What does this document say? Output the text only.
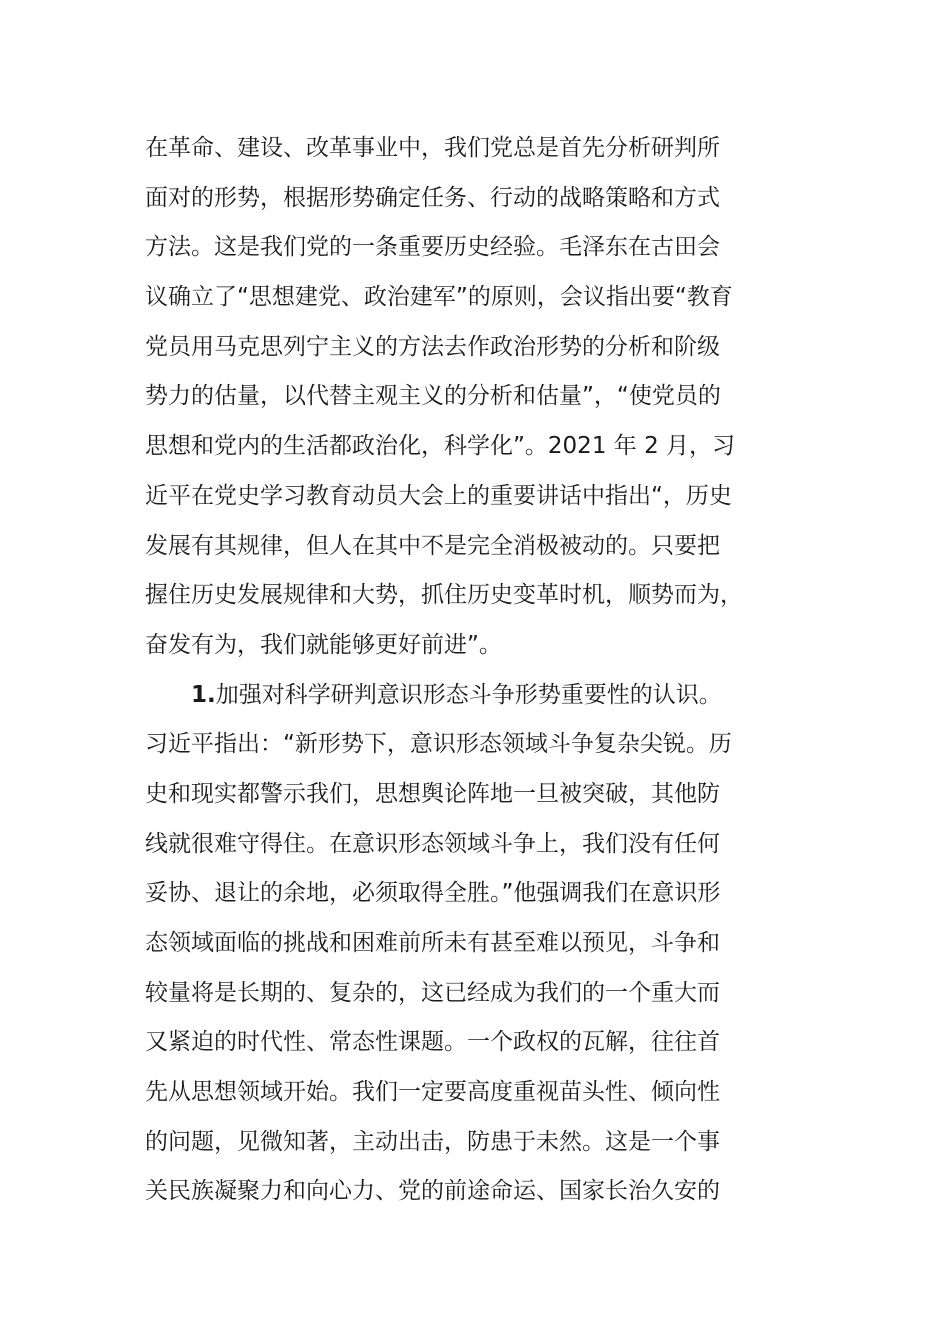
在革命、建设、改革事业中，我们党总是首先分析研判所
面对的形势，根据形势确定任务、行动的战略策略和方式
方法。这是我们党的一条重要历史经验。毛泽东在古田会
议确立了“思想建党、政治建军”的原则，会议指出要“教育
党员用马克思列宁主义的方法去作政治形势的分析和阶级
势力的估量，以代替主观主义的分析和估量”，“使党员的
思想和党内的生活都政治化，科学化”。2021 年 2 月，习
近平在党史学习教育动员大会上的重要讲话中指出“，历史
发展有其规律，但人在其中不是完全消极被动的。只要把
握住历史发展规律和大势，抓住历史变革时机，顺势而为，
奋发有为，我们就能够更好前进”。
1.加强对科学研判意识形态斗争形势重要性的认识。
习近平指出：“新形势下，意识形态领域斗争复杂尖锐。历
史和现实都警示我们，思想舆论阵地一旦被突破，其他防
线就很难守得住。在意识形态领域斗争上，我们没有任何
妥协、退让的余地，必须取得全胜。”他强调我们在意识形
态领域面临的挑战和困难前所未有甚至难以预见，斗争和
较量将是长期的、复杂的，这已经成为我们的一个重大而
又紧迫的时代性、常态性课题。一个政权的瓦解，往往首
先从思想领域开始。我们一定要高度重视苗头性、倾向性
的问题，见微知著，主动出击，防患于未然。这是一个事
关民族凝聚力和向心力、党的前途命运、国家长治久安的
